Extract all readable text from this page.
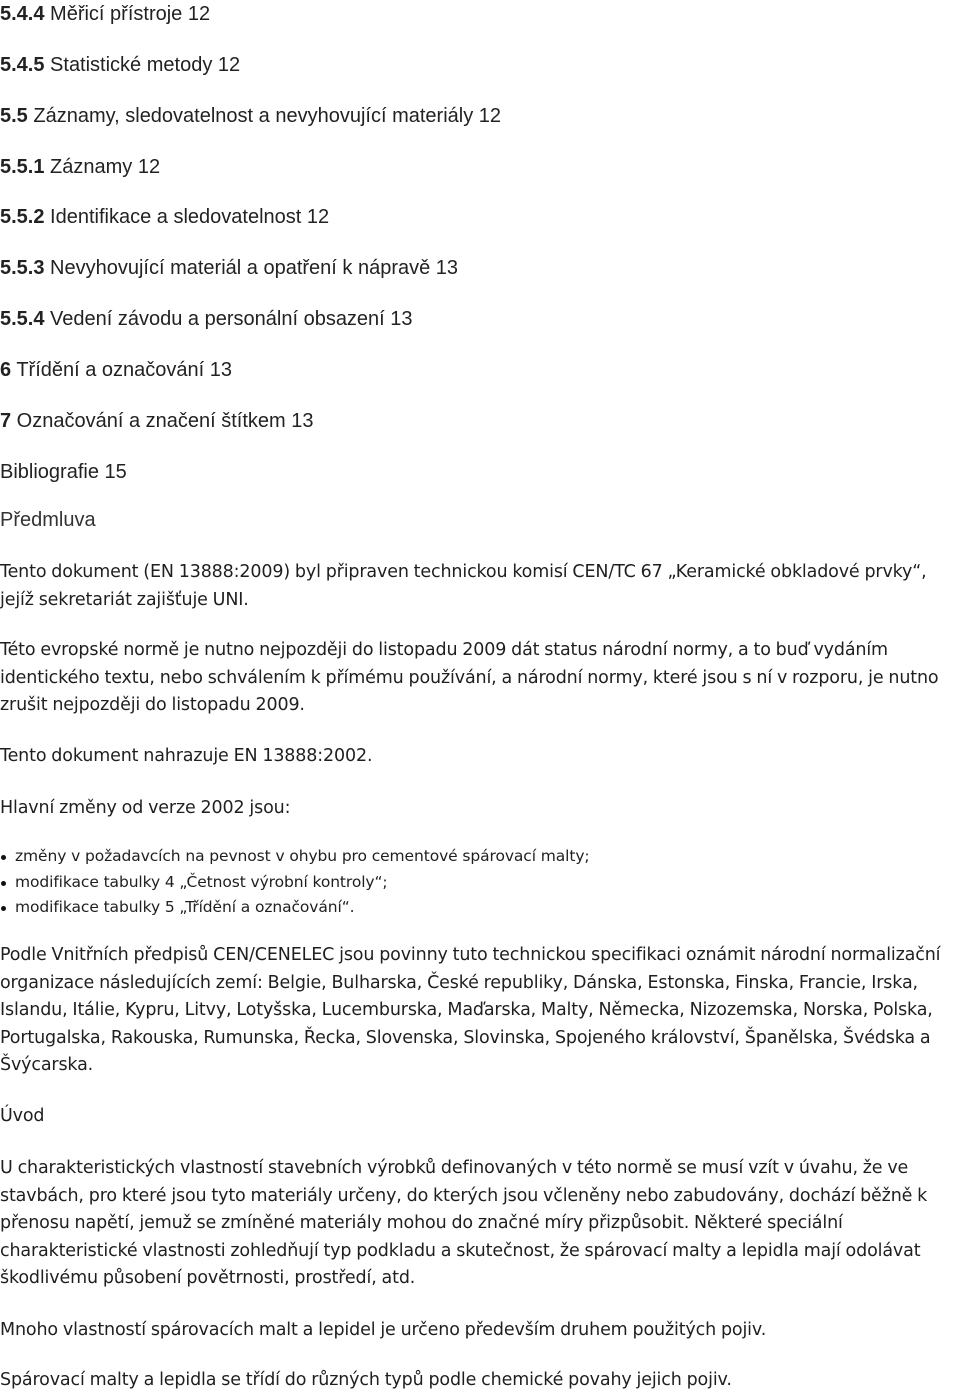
5.4.4 Měřicí přístroje 12
5.4.5 Statistické metody 12
5.5 Záznamy, sledovatelnost a nevyhovující materiály 12
5.5.1 Záznamy 12
5.5.2 Identifikace a sledovatelnost 12
5.5.3 Nevyhovující materiál a opatření k nápravě 13
5.5.4 Vedení závodu a personální obsazení 13
6 Třídění a označování 13
7 Označování a značení štítkem 13
Bibliografie 15
Předmluva
Tento dokument (EN 13888:2009) byl připraven technickou komisí CEN/TC 67 „Keramické obkladové prvky“, jejíž sekretariát zajišťuje UNI.
Této evropské normě je nutno nejpozději do listopadu 2009 dát status národní normy, a to buď vydáním identického textu, nebo schválením k přímému používání, a národní normy, které jsou s ní v rozporu, je nutno zrušit nejpozději do listopadu 2009.
Tento dokument nahrazuje EN 13888:2002.
Hlavní změny od verze 2002 jsou:
změny v požadavcích na pevnost v ohybu pro cementové spárovací malty;
modifikace tabulky 4 „Četnost výrobní kontroly“;
modifikace tabulky 5 „Třídění a označování“.
Podle Vnitřních předpisů CEN/CENELEC jsou povinny tuto technickou specifikaci oznámit národní normalizační organizace následujících zemí: Belgie, Bulharska, České republiky, Dánska, Estonska, Finska, Francie, Irska, Islandu, Itálie, Kypru, Litvy, Lotyšska, Lucemburska, Maďarska, Malty, Německa, Nizozemska, Norska, Polska, Portugalska, Rakouska, Rumunska, Řecka, Slovenska, Slovinska, Spojeného království, Španělska, Švédska a Švýcarska.
Úvod
U charakteristických vlastností stavebních výrobků definovaných v této normě se musí vzít v úvahu, že ve stavbách, pro které jsou tyto materiály určeny, do kterých jsou včleněny nebo zabudovány, dochází běžně k přenosu napětí, jemuž se zmíněné materiály mohou do značné míry přizpůsobit. Některé speciální charakteristické vlastnosti zohledňují typ podkladu a skutečnost, že spárovací malty a lepidla mají odolávat škodlivému působení povětrnosti, prostředí, atd.
Mnoho vlastností spárovacích malt a lepidel je určeno především druhem použitých pojiv.
Spárovací malty a lepidla se třídí do různých typů podle chemické povahy jejich pojiv.
